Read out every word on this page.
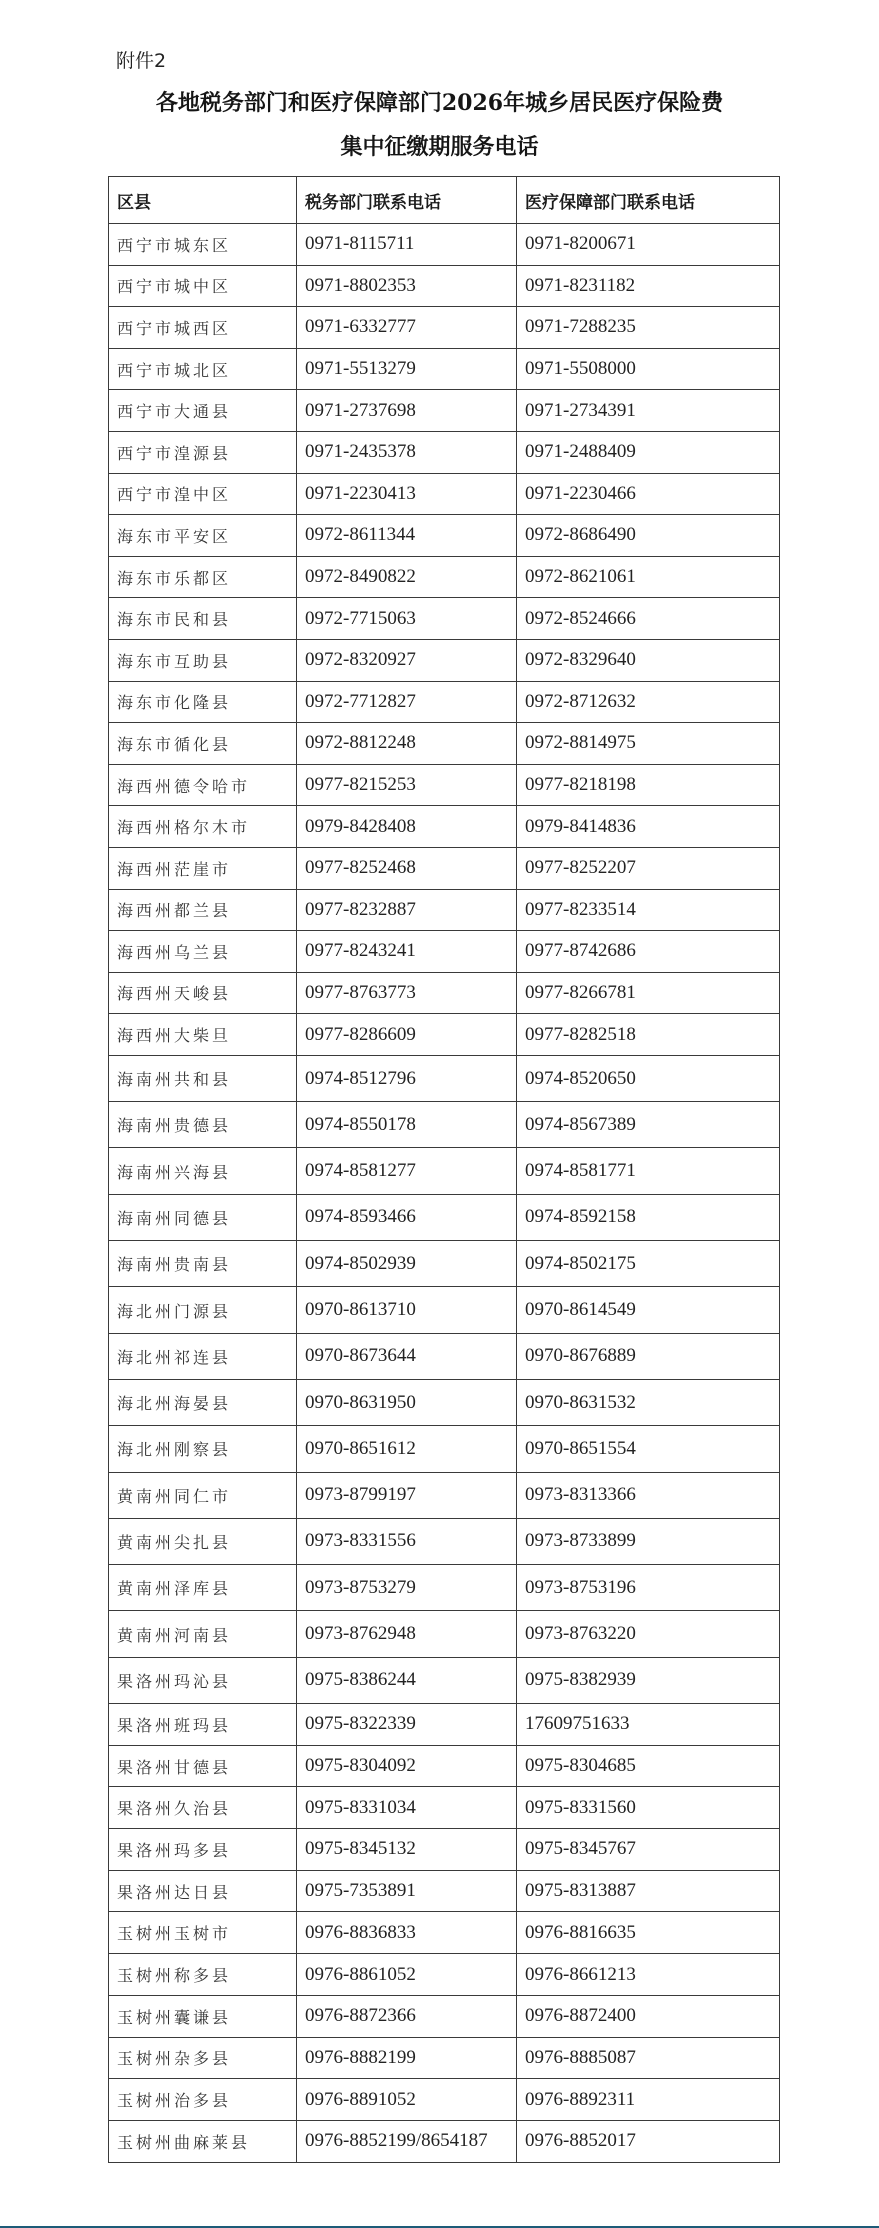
附件2
各地税务部门和医疗保障部门2026年城乡居民医疗保险费
集中征缴期服务电话
区县	税务部门联系电话	医疗保障部门联系电话
西宁市城东区	0971-8115711	0971-8200671
西宁市城中区	0971-8802353	0971-8231182
西宁市城西区	0971-6332777	0971-7288235
西宁市城北区	0971-5513279	0971-5508000
西宁市大通县	0971-2737698	0971-2734391
西宁市湟源县	0971-2435378	0971-2488409
西宁市湟中区	0971-2230413	0971-2230466
海东市平安区	0972-8611344	0972-8686490
海东市乐都区	0972-8490822	0972-8621061
海东市民和县	0972-7715063	0972-8524666
海东市互助县	0972-8320927	0972-8329640
海东市化隆县	0972-7712827	0972-8712632
海东市循化县	0972-8812248	0972-8814975
海西州德令哈市	0977-8215253	0977-8218198
海西州格尔木市	0979-8428408	0979-8414836
海西州茫崖市	0977-8252468	0977-8252207
海西州都兰县	0977-8232887	0977-8233514
海西州乌兰县	0977-8243241	0977-8742686
海西州天峻县	0977-8763773	0977-8266781
海西州大柴旦	0977-8286609	0977-8282518
海南州共和县	0974-8512796	0974-8520650
海南州贵德县	0974-8550178	0974-8567389
海南州兴海县	0974-8581277	0974-8581771
海南州同德县	0974-8593466	0974-8592158
海南州贵南县	0974-8502939	0974-8502175
海北州门源县	0970-8613710	0970-8614549
海北州祁连县	0970-8673644	0970-8676889
海北州海晏县	0970-8631950	0970-8631532
海北州刚察县	0970-8651612	0970-8651554
黄南州同仁市	0973-8799197	0973-8313366
黄南州尖扎县	0973-8331556	0973-8733899
黄南州泽库县	0973-8753279	0973-8753196
黄南州河南县	0973-8762948	0973-8763220
果洛州玛沁县	0975-8386244	0975-8382939
果洛州班玛县	0975-8322339	17609751633
果洛州甘德县	0975-8304092	0975-8304685
果洛州久治县	0975-8331034	0975-8331560
果洛州玛多县	0975-8345132	0975-8345767
果洛州达日县	0975-7353891	0975-8313887
玉树州玉树市	0976-8836833	0976-8816635
玉树州称多县	0976-8861052	0976-8661213
玉树州囊谦县	0976-8872366	0976-8872400
玉树州杂多县	0976-8882199	0976-8885087
玉树州治多县	0976-8891052	0976-8892311
玉树州曲麻莱县	0976-8852199/8654187	0976-8852017
